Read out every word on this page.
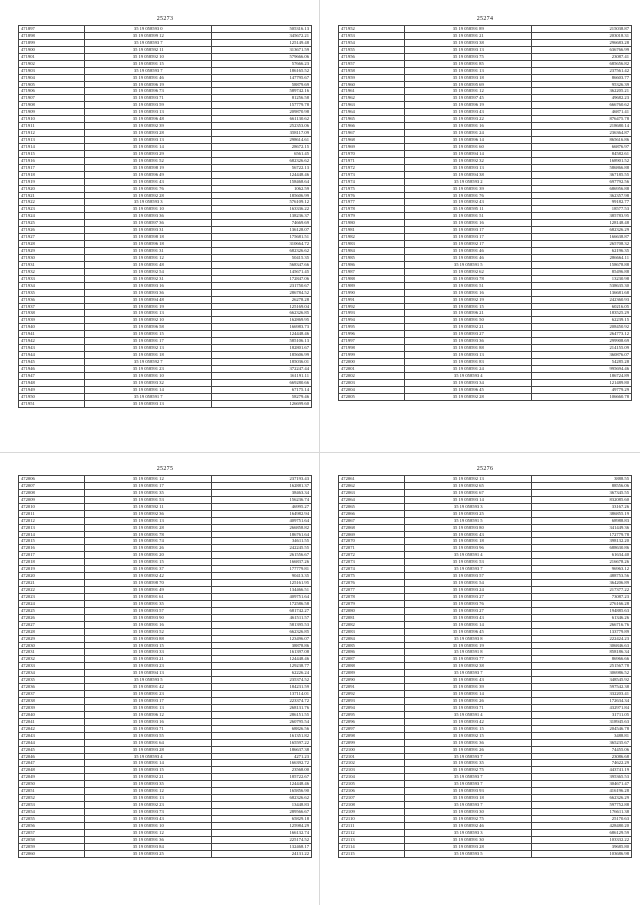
25273
471897	35 19 058593 0	505316.13
471898	35 19 058599 12	345672.21
471899	35 19 058593 7	125149.48
471900	35 19 058592 11	313671.59
471901	35 19 058592 10	579666.06
471902	35 19 058591 15	57666.23
471903	35 19 058593 7	186165.52
471904	35 19 058591 46	147795.67
471905	35 19 058596 19	58879.69
471906	35 19 058596 73	589742.16
471907	35 19 058593 71	81256.58
471908	35 19 058593 59	157779.78
471909	35 19 058593 13	209870.98
471910	35 19 058596 48	661130.62
471911	35 19 058592 39	252353.06
471912	35 19 058593 28	358117.09
471913	35 19 058593 13	298614.61
471914	35 19 058591 14	28672.15
471915	35 19 058593 29	6561.45
471916	35 19 058591 52	682326.62
471917	35 19 058598 19	56722.13
471918	35 19 058596 49	124448.46
471919	35 19 058591 43	158468.64
471920	35 19 058591 76	1062.59
471921	35 19 058592 28	185606.99
471922	35 19 058593 3	576109.12
471923	35 19 058591 10	163336.22
471924	35 19 058593 36	138236.37
471925	35 19 058597 36	74669.69
471926	35 19 058593 31	136128.07
471927	35 19 058598 18	175681.51
471928	35 19 058596 18	310664.72
471929	35 19 058591 31	682326.62
471930	35 19 058591 12	50415.35
471931	35 19 058591 48	568347.66
471932	35 19 058592 54	145671.45
471933	35 19 058592 31	172847.06
471934	35 19 058593 16	231750.67
471935	35 19 058593 36	286784.52
471936	35 19 058594 48	26278.28
471937	35 19 058591 19	125169.04
471938	35 19 058591 13	662326.85
471939	35 19 058592 10	162869.95
471940	35 19 058596 58	166983.73
471941	35 19 058591 15	124448.46
471942	35 19 058591 17	585106.13
471943	35 19 058592 13	182801.67
471944	35 19 058591 18	185606.99
471945	35 19 058592 7	185036.01
471946	35 19 058591 23	372247.44
471947	35 19 058591 10	161191.11
471948	35 19 058593 32	669280.66
471949	35 19 058591 14	67175.14
471950	35 19 058591 7	58279.46
471951	35 19 058593 13	126699.60
25274
471952	35 19 058591 89	215038.87
471953	35 19 058591 21	203018.31
471954	35 19 058593 38	296683.28
471955	35 19 058593 13	636766.99
471956	35 19 058593 75	23087.41
471957	35 19 058591 85	685656.82
471958	35 19 058591 13	237561.42
471959	35 19 058593 18	86603.77
471960	35 19 058595 69	95326.39
471961	35 19 058591 12	362205.21
471962	35 19 058597 45	49682.23
471963	35 19 058596 19	666760.62
471964	35 19 058593 43	46871.41
471965	35 19 058593 22	876475.78
471966	35 19 058591 16	218680.14
471967	35 19 058591 24	236364.87
471968	35 19 058596 14	865616.86
471969	35 19 058591 60	66876.97
471970	35 19 058594 14	84582.61
471971	35 19 058592 32	168901.52
471972	35 19 058593 13	586866.88
471973	35 19 058594 38	367185.55
471974	35 19 058593 2	697792.56
471975	35 19 058591 39	686956.88
471976	35 19 058591 76	362357.98
471977	35 19 058592 43	99182.77
471978	35 19 058595 11	18577.53
471979	35 19 058591 51	385783.95
471980	35 19 058591 16	128148.48
471981	35 19 058593 17	682326.29
471982	35 19 058593 17	166638.87
471983	35 19 058592 17	265708.32
471984	35 19 058591 46	62196.35
471985	35 19 058591 46	286664.11
471986	35 19 058591 5	158678.88
471987	35 19 058592 62	85496.88
471988	35 19 058593 78	13230.98
471989	35 19 058591 51	538635.30
471990	35 19 058591 16	136681.68
471991	35 19 058592 19	242360.93
471992	35 19 058591 15	60216.05
471993	35 19 058596 21	183525.29
471994	35 19 058591 50	62239.15
471995	35 19 058592 21	208450.92
471996	35 19 058593 27	264773.12
471997	35 19 058593 36	299908.69
471998	35 19 058591 88	214155.09
471999	35 19 058593 13	360876.07
472000	35 19 058591 83	54285.28
472001	35 19 058591 24	995694.46
472002	35 19 058593 4	186724.89
472003	35 19 058593 34	121489.80
472004	35 19 058596 45	49779.29
472005	35 19 058592 28	106660.78
25275
472006	35 19 058591 12	237193.43
472007	35 19 058591 17	162881.37
472008	35 19 058591 35	38463.34
472009	35 19 058591 53	156236.74
472010	35 19 058592 11	46995.27
472011	35 19 058592 36	164982.94
472012	35 19 058591 13	409751.64
472013	35 19 058591 28	266858.82
472014	35 19 058591 78	186761.64
472015	35 19 058591 74	34611.55
472016	35 19 058591 26	242245.55
472017	35 19 058591 20	261556.67
472018	35 19 058591 15	166837.26
472019	35 19 058591 37	177779.81
472020	35 19 058592 42	90413.35
472021	35 19 058598 70	125161.95
472022	35 19 058591 49	134466.51
472023	35 19 058591 61	409751.64
472024	35 19 058591 35	172586.58
472025	35 19 058593 57	681742.27
472026	35 19 058593 90	461511.57
472027	35 19 058591 16	581395.53
472028	35 19 058593 52	662326.85
472029	35 19 058593 88	123496.07
472030	35 19 058593 15	38878.86
472031	35 19 058593 33	161397.08
472032	35 19 058593 21	124448.46
472033	35 19 058593 23	129238.77
472034	35 19 058594 13	62226.24
472035	35 19 058593 5	235374.52
472036	35 19 058591 42	184231.59
472037	35 19 058591 23	137114.01
472038	35 19 058593 17	223374.72
472039	35 19 058591 13	268131.76
472040	35 19 058596 12	286151.55
472041	35 19 058593 16	260795.54
472042	35 19 058593 71	68826.56
472043	35 19 058593 55	161351.82
472044	35 19 058591 64	165597.22
472045	35 19 058593 28	186637.38
472046	35 19 058593 4	4271.23
472047	35 19 058591 14	166392.72
472048	35 19 058593 15	23568.00
472049	35 19 058592 21	185722.67
472050	35 19 058593 35	124448.46
472051	35 19 058591 12	165856.90
472052	35 19 058591 13	682326.62
472053	35 19 058592 23	13448.83
472054	35 19 058593 73	289566.67
472055	35 19 058593 43	65829.18
472056	35 19 058591 10	125984.29
472057	35 19 058591 12	166132.74
472058	35 19 058591 36	225174.52
472059	35 19 058593 84	132468.17
472060	35 19 058593 25	24131.22
25276
472061	35 19 058592 13	3888.55
472062	35 19 058592 65	88556.06
472063	35 19 058591 67	367345.55
472064	35 19 058593 14	832085.60
472065	35 19 058593 3	33167.26
472066	35 19 058593 25	386855.19
472067	35 19 058591 5	68988.83
472068	35 19 058593 80	341449.36
472069	35 19 058591 43	172779.78
472070	35 19 058591 18	398132.20
472071	35 19 058593 96	688630.86
472072	35 19 058591 4	61634.40
472073	35 19 058591 53	216678.26
472074	35 19 058593 7	96963.12
472075	35 19 058593 57	488753.56
472076	35 19 058591 54	364206.89
472077	35 19 058593 24	217377.22
472078	35 19 058593 27	73087.23
472079	35 19 058593 76	276166.28
472080	35 19 058593 27	194885.63
472081	35 19 058593 43	61346.26
472082	35 19 058591 14	266716.76
472083	35 19 058596 45	133779.89
472084	35 19 058593 8	222424.23
472085	35 19 058591 19	306846.63
472086	35 19 058591 8	858186.34
472087	35 19 058593 77	86966.66
472088	35 19 058592 38	251567.78
472089	35 19 058593 7	306986.52
472090	35 19 058591 43	348545.92
472091	35 19 058591 39	597542.38
472092	35 19 058591 14	332203.41
472093	35 19 058591 26	172634.34
472094	35 19 058593 71	432971.84
472095	35 19 058591 4	31711.05
472096	35 19 058593 42	318945.63
472097	35 19 058591 15	204546.78
472098	35 19 058592 15	3488.81
472099	35 19 058591 36	365235.67
472100	35 19 058591 26	74455.06
472101	35 19 058593 7	23086.68
472102	35 19 058591 35	74622.29
472103	35 19 058592 75	443741.19
472104	35 19 058593 7	395365.53
472105	35 19 058593 7	304671.47
472106	35 19 058593 93	416196.28
472107	35 19 058593 18	662326.29
472108	35 19 058593 7	597752.88
472109	35 19 058593 30	176611.38
472110	35 19 058592 75	25170.63
472111	35 19 058592 46	428480.20
472112	35 19 058593 3	686129.59
472113	35 19 058591 30	103332.22
472114	35 19 058593 28	39685.80
472115	35 19 058593 5	103686.98
